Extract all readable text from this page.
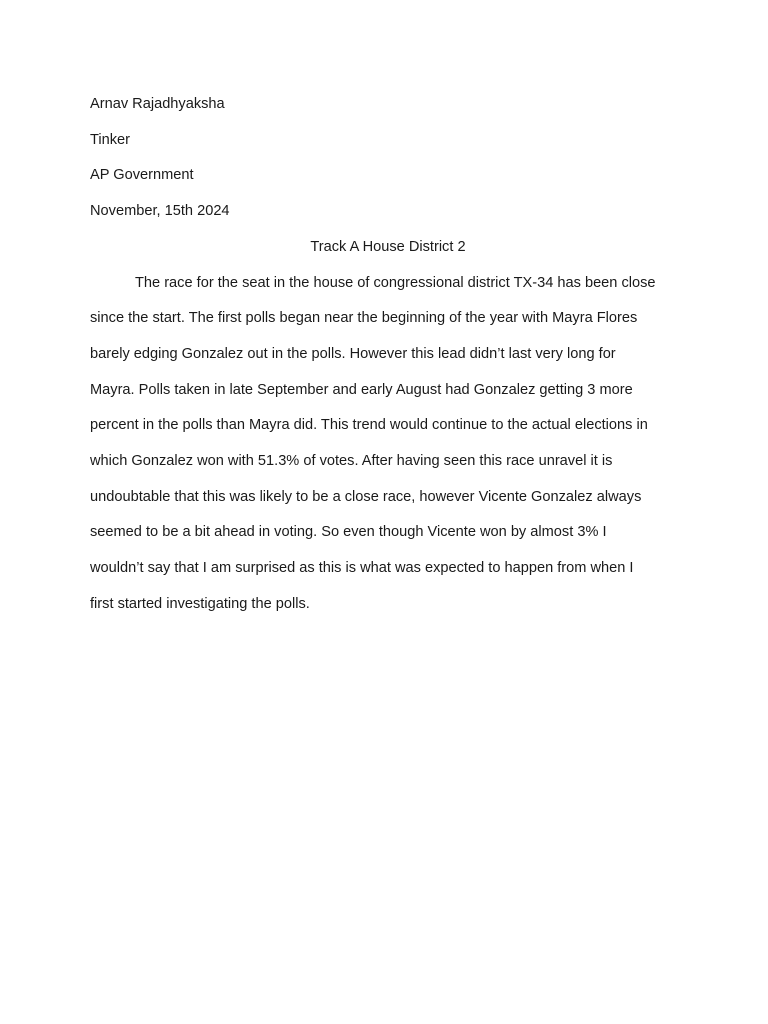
Arnav Rajadhyaksha
Tinker
AP Government
November, 15th 2024
Track A House District 2
The race for the seat in the house of congressional district TX-34 has been close
since the start. The first polls began near the beginning of the year with Mayra Flores
barely edging Gonzalez out in the polls. However this lead didn’t last very long for
Mayra. Polls taken in late September and early August had Gonzalez getting 3 more
percent in the polls than Mayra did. This trend would continue to the actual elections in
which Gonzalez won with 51.3% of votes. After having seen this race unravel it is
undoubtable that this was likely to be a close race, however Vicente Gonzalez always
seemed to be a bit ahead in voting. So even though Vicente won by almost 3% I
wouldn’t say that I am surprised as this is what was expected to happen from when I
first started investigating the polls.
